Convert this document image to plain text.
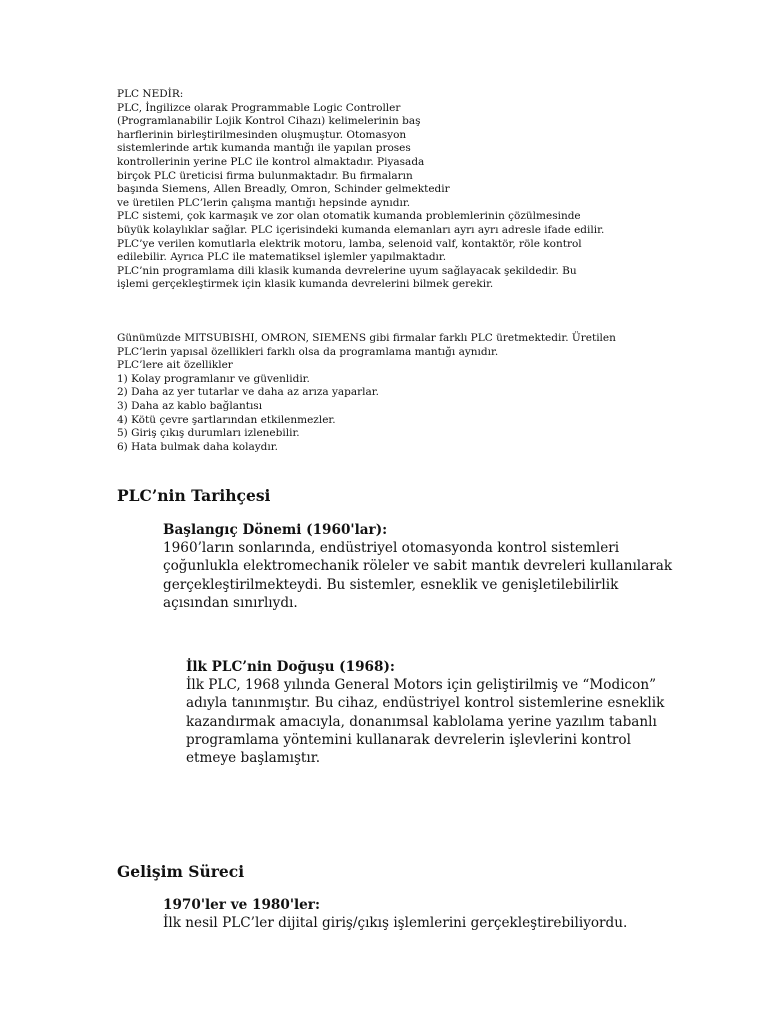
PLC NEDİR:
PLC, İngilizce olarak Programmable Logic Controller
(Programlanabilir Lojik Kontrol Cihazı) kelimelerinin baş
harflerinin birleştirilmesinden oluşmuştur. Otomasyon
sistemlerinde artık kumanda mantığı ile yapılan proses
kontrollerinin yerine PLC ile kontrol almaktadır. Piyasada
birçok PLC üreticisi firma bulunmaktadır. Bu firmaların
başında Siemens, Allen Breadly, Omron, Schinder gelmektedir
ve üretilen PLC’lerin çalışma mantığı hepsinde aynıdır.
PLC sistemi, çok karmaşık ve zor olan otomatik kumanda problemlerinin çözülmesinde
büyük kolaylıklar sağlar. PLC içerisindeki kumanda elemanları ayrı ayrı adresle ifade edilir.
PLC’ye verilen komutlarla elektrik motoru, lamba, selenoid valf, kontaktör, röle kontrol
edilebilir. Ayrıca PLC ile matematiksel işlemler yapılmaktadır.
PLC’nin programlama dili klasik kumanda devrelerine uyum sağlayacak şekildedir. Bu
işlemi gerçekleştirmek için klasik kumanda devrelerini bilmek gerekir.
Günümüzde MITSUBISHI, OMRON, SIEMENS gibi firmalar farklı PLC üretmektedir. Üretilen
PLC’lerin yapısal özellikleri farklı olsa da programlama mantığı aynıdır.
PLC’lere ait özellikler
1) Kolay programlanır ve güvenlidir.
2) Daha az yer tutarlar ve daha az arıza yaparlar.
3) Daha az kablo bağlantısı
4) Kötü çevre şartlarından etkilenmezler.
5) Giriş çıkış durumları izlenebilir.
6) Hata bulmak daha kolaydır.
PLC’nin Tarihçesi
Başlangıç Dönemi (1960'lar):
1960’ların sonlarında, endüstriyel otomasyonda kontrol sistemleri
çoğunlukla elektromechanik röleler ve sabit mantık devreleri kullanılarak
gerçekleştirilmekteydi. Bu sistemler, esneklik ve genişletilebilirlik
açısından sınırlıydı.
İlk PLC’nin Doğuşu (1968):
İlk PLC, 1968 yılında General Motors için geliştirilmiş ve “Modicon”
adıyla tanınmıştır. Bu cihaz, endüstriyel kontrol sistemlerine esneklik
kazandırmak amacıyla, donanımsal kablolama yerine yazılım tabanlı
programlama yöntemini kullanarak devrelerin işlevlerini kontrol
etmeye başlamıştır.
Gelişim Süreci
1970'ler ve 1980'ler:
İlk nesil PLC’ler dijital giriş/çıkış işlemlerini gerçekleştirebiliyordu.
